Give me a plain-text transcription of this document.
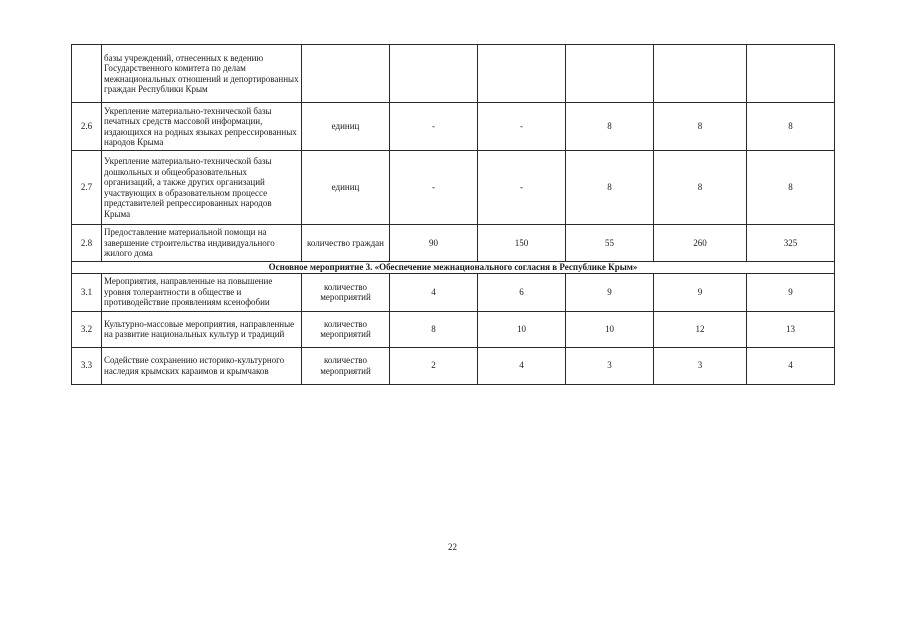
	базы учреждений, отнесенных к ведению Государственного комитета по делам межнациональных отношений и депортированных граждан Республики Крым						
2.6	Укрепление материально-технической базы печатных средств массовой информации, издающихся на родных языках репрессированных народов Крыма	единиц	-	-	8	8	8
2.7	Укрепление материально-технической базы дошкольных и общеобразовательных организаций, а также других организаций участвующих в образовательном процессе представителей репрессированных народов Крыма	единиц	-	-	8	8	8
2.8	Предоставление материальной помощи на завершение строительства индивидуального жилого дома	количество граждан	90	150	55	260	325
Основное мероприятие 3. «Обеспечение межнационального согласия в Республике Крым»							
3.1	Мероприятия, направленные на повышение уровня толерантности в обществе и противодействие проявлениям ксенофобии	количество мероприятий	4	6	9	9	9
3.2	Культурно-массовые мероприятия, направленные на развитие национальных культур и традиций	количество мероприятий	8	10	10	12	13
3.3	Содействие сохранению историко-культурного наследия крымских караимов и крымчаков	количество мероприятий	2	4	3	3	4
22
